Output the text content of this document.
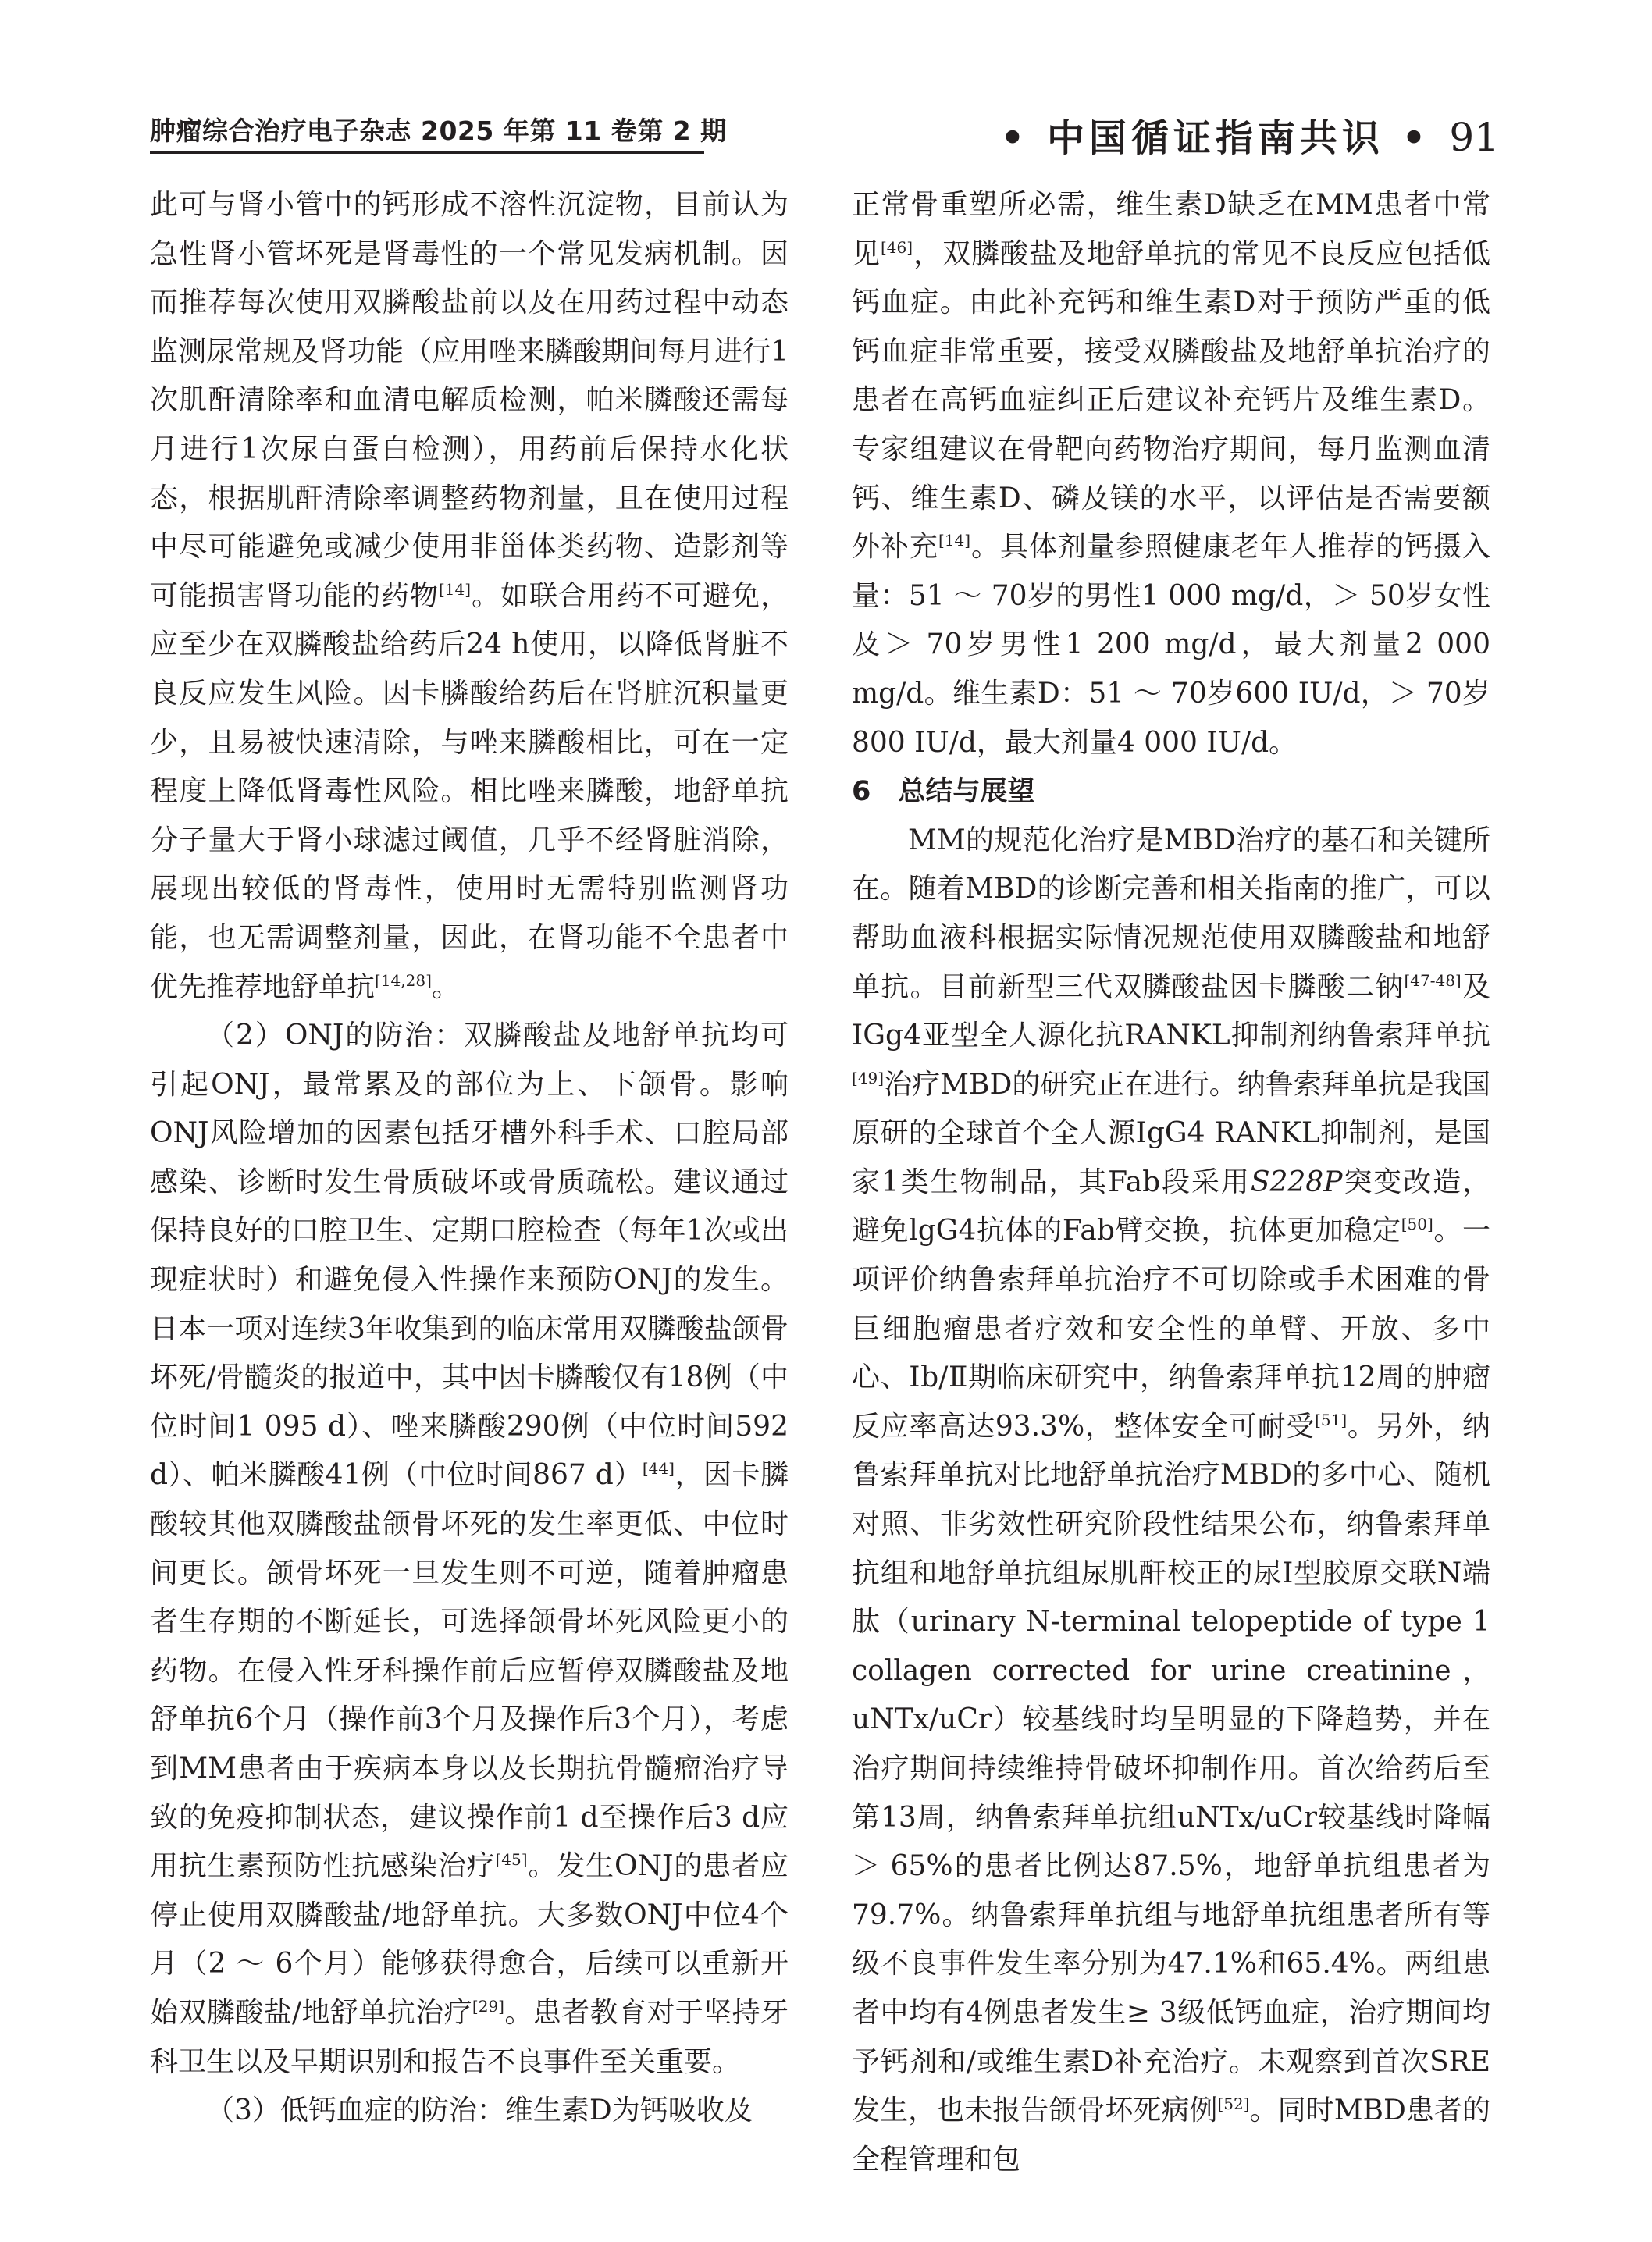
肿瘤综合治疗电子杂志 2025 年第 11 卷第 2 期	• 中国循证指南共识 • 91

此可与肾小管中的钙形成不溶性沉淀物，目前认为急性肾小管坏死是肾毒性的一个常见发病机制。因而推荐每次使用双膦酸盐前以及在用药过程中动态监测尿常规及肾功能（应用唑来膦酸期间每月进行1次肌酐清除率和血清电解质检测，帕米膦酸还需每月进行1次尿白蛋白检测），用药前后保持水化状态，根据肌酐清除率调整药物剂量，且在使用过程中尽可能避免或减少使用非甾体类药物、造影剂等可能损害肾功能的药物[14]。如联合用药不可避免，应至少在双膦酸盐给药后24 h使用，以降低肾脏不良反应发生风险。因卡膦酸给药后在肾脏沉积量更少，且易被快速清除，与唑来膦酸相比，可在一定程度上降低肾毒性风险。相比唑来膦酸，地舒单抗分子量大于肾小球滤过阈值，几乎不经肾脏消除，展现出较低的肾毒性，使用时无需特别监测肾功能，也无需调整剂量，因此，在肾功能不全患者中优先推荐地舒单抗[14,28]。

（2）ONJ的防治：双膦酸盐及地舒单抗均可引起ONJ，最常累及的部位为上、下颌骨。影响ONJ风险增加的因素包括牙槽外科手术、口腔局部感染、诊断时发生骨质破坏或骨质疏松。建议通过保持良好的口腔卫生、定期口腔检查（每年1次或出现症状时）和避免侵入性操作来预防ONJ的发生。日本一项对连续3年收集到的临床常用双膦酸盐颌骨坏死/骨髓炎的报道中，其中因卡膦酸仅有18例（中位时间1 095 d）、唑来膦酸290例（中位时间592 d）、帕米膦酸41例（中位时间867 d）[44]，因卡膦酸较其他双膦酸盐颌骨坏死的发生率更低、中位时间更长。颌骨坏死一旦发生则不可逆，随着肿瘤患者生存期的不断延长，可选择颌骨坏死风险更小的药物。在侵入性牙科操作前后应暂停双膦酸盐及地舒单抗6个月（操作前3个月及操作后3个月），考虑到MM患者由于疾病本身以及长期抗骨髓瘤治疗导致的免疫抑制状态，建议操作前1 d至操作后3 d应用抗生素预防性抗感染治疗[45]。发生ONJ的患者应停止使用双膦酸盐/地舒单抗。大多数ONJ中位4个月（2 ～ 6个月）能够获得愈合，后续可以重新开始双膦酸盐/地舒单抗治疗[29]。患者教育对于坚持牙科卫生以及早期识别和报告不良事件至关重要。

（3）低钙血症的防治：维生素D为钙吸收及

正常骨重塑所必需，维生素D缺乏在MM患者中常见[46]，双膦酸盐及地舒单抗的常见不良反应包括低钙血症。由此补充钙和维生素D对于预防严重的低钙血症非常重要，接受双膦酸盐及地舒单抗治疗的患者在高钙血症纠正后建议补充钙片及维生素D。专家组建议在骨靶向药物治疗期间，每月监测血清钙、维生素D、磷及镁的水平，以评估是否需要额外补充[14]。具体剂量参照健康老年人推荐的钙摄入量：51 ～ 70岁的男性1 000 mg/d，＞ 50岁女性及＞ 70岁男性1 200 mg/d，最大剂量2 000 mg/d。维生素D：51 ～ 70岁600 IU/d，＞ 70岁800 IU/d，最大剂量4 000 IU/d。

6　总结与展望

MM的规范化治疗是MBD治疗的基石和关键所在。随着MBD的诊断完善和相关指南的推广，可以帮助血液科根据实际情况规范使用双膦酸盐和地舒单抗。目前新型三代双膦酸盐因卡膦酸二钠[47-48]及IGg4亚型全人源化抗RANKL抑制剂纳鲁索拜单抗[49]治疗MBD的研究正在进行。纳鲁索拜单抗是我国原研的全球首个全人源IgG4 RANKL抑制剂，是国家1类生物制品，其Fab段采用S228P突变改造，避免lgG4抗体的Fab臂交换，抗体更加稳定[50]。一项评价纳鲁索拜单抗治疗不可切除或手术困难的骨巨细胞瘤患者疗效和安全性的单臂、开放、多中心、Ⅰb/Ⅱ期临床研究中，纳鲁索拜单抗12周的肿瘤反应率高达93.3%，整体安全可耐受[51]。另外，纳鲁索拜单抗对比地舒单抗治疗MBD的多中心、随机对照、非劣效性研究阶段性结果公布，纳鲁索拜单抗组和地舒单抗组尿肌酐校正的尿Ⅰ型胶原交联N端肽（urinary N-terminal telopeptide of type 1 collagen corrected for urine creatinine，uNTx/uCr）较基线时均呈明显的下降趋势，并在治疗期间持续维持骨破坏抑制作用。首次给药后至第13周，纳鲁索拜单抗组uNTx/uCr较基线时降幅＞ 65%的患者比例达87.5%，地舒单抗组患者为79.7%。纳鲁索拜单抗组与地舒单抗组患者所有等级不良事件发生率分别为47.1%和65.4%。两组患者中均有4例患者发生≥ 3级低钙血症，治疗期间均予钙剂和/或维生素D补充治疗。未观察到首次SRE发生，也未报告颌骨坏死病例[52]。同时MBD患者的全程管理和包
